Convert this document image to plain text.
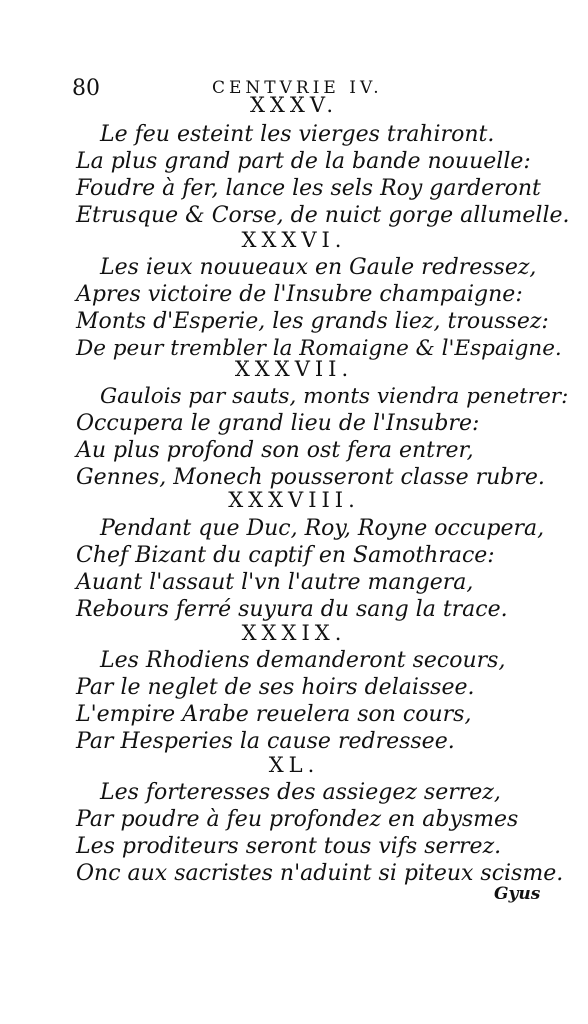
80	CENTVRIE IV.
XXXV.
Le feu esteint les vierges trahiront.
La plus grand part de la bande nouuelle:
Foudre à fer, lance les sels Roy garderont
Etrusque & Corse, de nuict gorge allumelle.
XXXVI.
Les ieux nouueaux en Gaule redressez,
Apres victoire de l'Insubre champaigne:
Monts d'Esperie, les grands liez, troussez:
De peur trembler la Romaigne & l'Espaigne.
XXXVII.
Gaulois par sauts, monts viendra penetrer:
Occupera le grand lieu de l'Insubre:
Au plus profond son ost fera entrer,
Gennes, Monech pousseront classe rubre.
XXXVIII.
Pendant que Duc, Roy, Royne occupera,
Chef Bizant du captif en Samothrace:
Auant l'assaut l'vn l'autre mangera,
Rebours ferré suyura du sang la trace.
XXXIX.
Les Rhodiens demanderont secours,
Par le neglet de ses hoirs delaissee.
L'empire Arabe reuelera son cours,
Par Hesperies la cause redressee.
XL.
Les forteresses des assiegez serrez,
Par poudre à feu profondez en abysmes
Les proditeurs seront tous vifs serrez.
Onc aux sacristes n'aduint si piteux scisme.
Gyus
